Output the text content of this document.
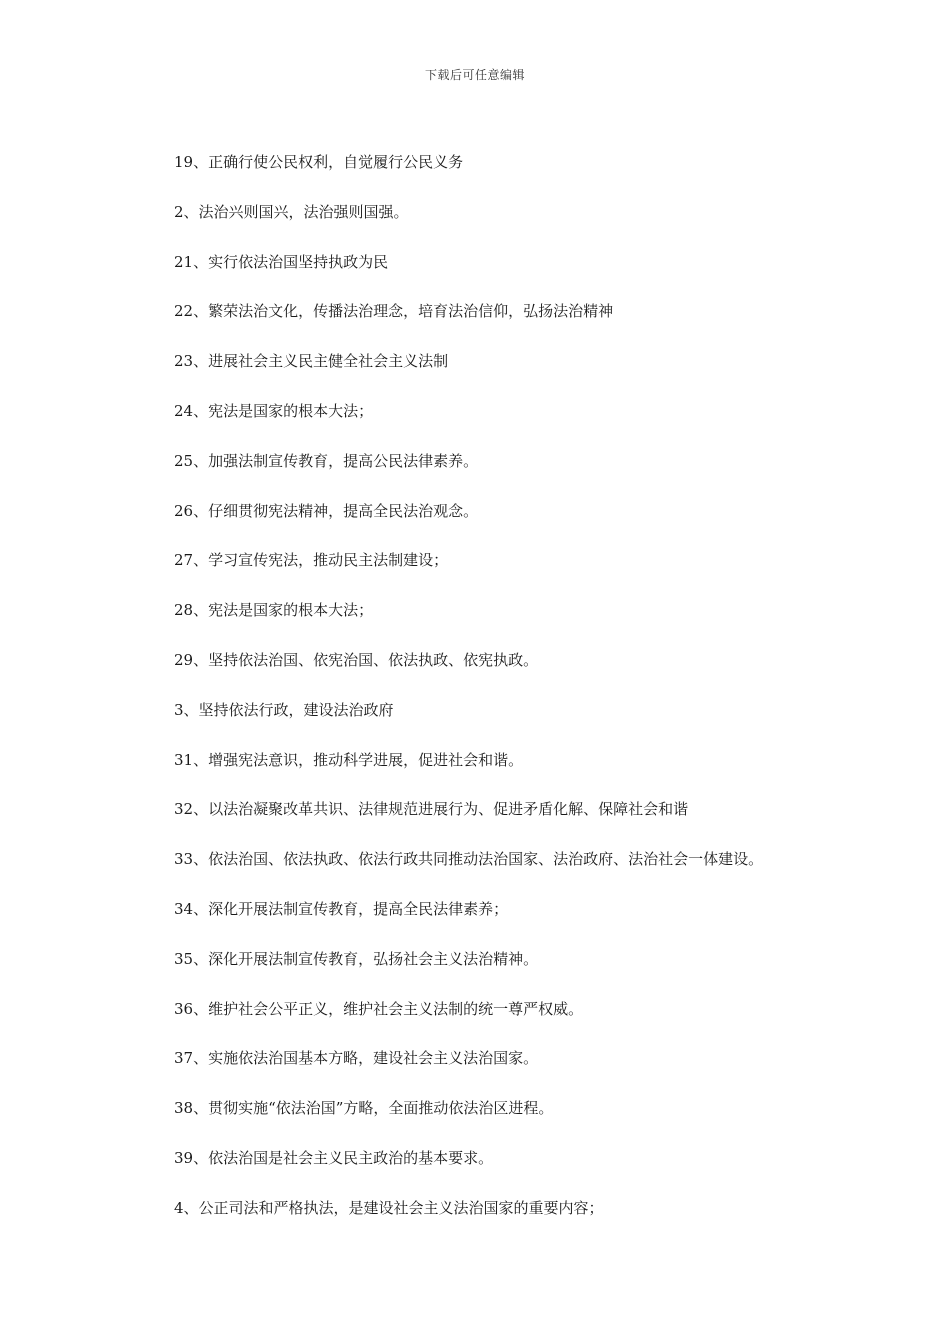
下载后可任意编辑
19、正确行使公民权利，自觉履行公民义务
2、法治兴则国兴，法治强则国强。
21、实行依法治国坚持执政为民
22、繁荣法治文化，传播法治理念，培育法治信仰，弘扬法治精神
23、进展社会主义民主健全社会主义法制
24、宪法是国家的根本大法；
25、加强法制宣传教育，提高公民法律素养。
26、仔细贯彻宪法精神，提高全民法治观念。
27、学习宣传宪法，推动民主法制建设；
28、宪法是国家的根本大法；
29、坚持依法治国、依宪治国、依法执政、依宪执政。
3、坚持依法行政，建设法治政府
31、增强宪法意识，推动科学进展，促进社会和谐。
32、以法治凝聚改革共识、法律规范进展行为、促进矛盾化解、保障社会和谐
33、依法治国、依法执政、依法行政共同推动法治国家、法治政府、法治社会一体建设。
34、深化开展法制宣传教育，提高全民法律素养；
35、深化开展法制宣传教育，弘扬社会主义法治精神。
36、维护社会公平正义，维护社会主义法制的统一尊严权威。
37、实施依法治国基本方略，建设社会主义法治国家。
38、贯彻实施“依法治国”方略，全面推动依法治区进程。
39、依法治国是社会主义民主政治的基本要求。
4、公正司法和严格执法，是建设社会主义法治国家的重要内容；
